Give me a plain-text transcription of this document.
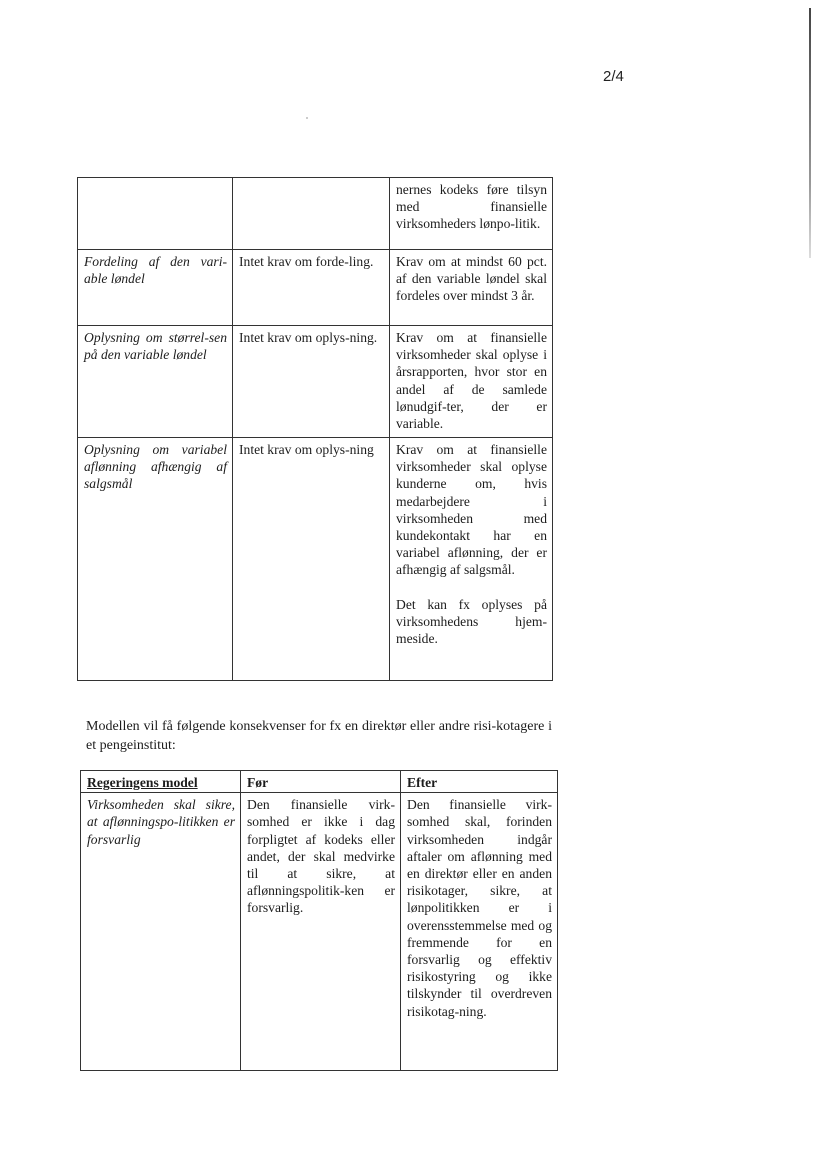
2/4

		nernes kodeks føre tilsyn med finansielle virksomheders lønpo-litik.

Fordeling af den vari-able løndel	Intet krav om forde-ling.	Krav om at mindst 60 pct. af den variable løndel skal fordeles over mindst 3 år.

Oplysning om størrel-sen på den variable løndel	Intet krav om oplys-ning.	Krav om at finansielle virksomheder skal oplyse i årsrapporten, hvor stor en andel af de samlede lønudgif-ter, der er variable.

Oplysning om variabel aflønning afhængig af salgsmål	Intet krav om oplys-ning	Krav om at finansielle virksomheder skal oplyse kunderne om, hvis medarbejdere i virksomheden med kundekontakt har en variabel aflønning, der er afhængig af salgsmål.
Det kan fx oplyses på virksomhedens hjem-meside.
Modellen vil få følgende konsekvenser for fx en direktør eller andre risi-kotagere i et pengeinstitut:
Regeringens model	Før	Efter
Virksomheden skal sikre, at aflønningspo-litikken er forsvarlig	Den finansielle virk-somhed er ikke i dag forpligtet af kodeks eller andet, der skal medvirke til at sikre, at aflønningspolitik-ken er forsvarlig.	Den finansielle virk-somhed skal, forinden virksomheden indgår aftaler om aflønning med en direktør eller en anden risikotager, sikre, at lønpolitikken er i overensstemmelse med og fremmende for en forsvarlig og effektiv risikostyring og ikke tilskynder til overdreven risikotag-ning.
